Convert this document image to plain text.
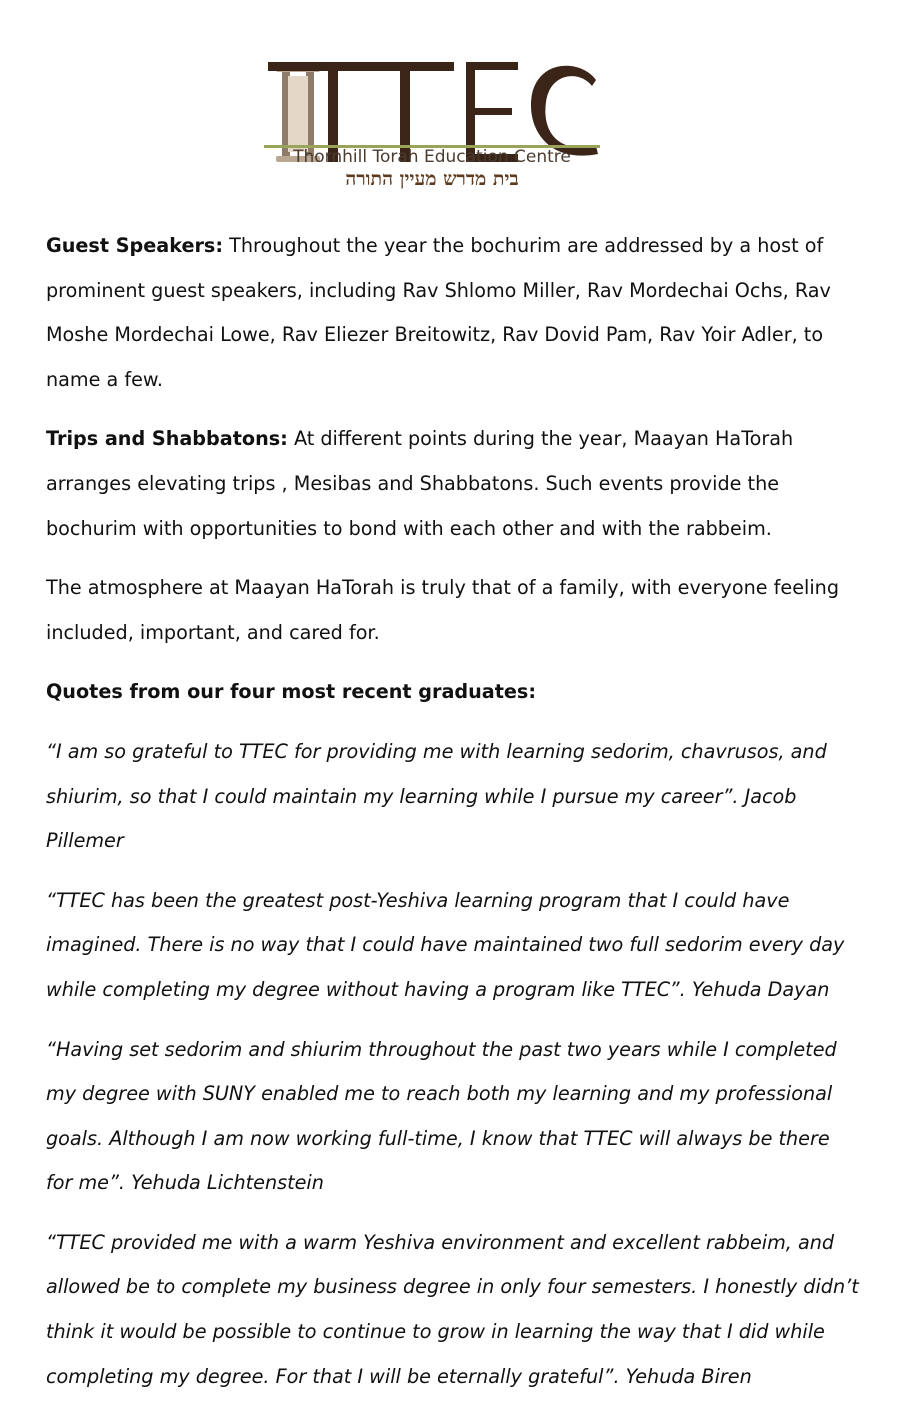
Thornhill Torah Education Centre
בית מדרש מעיין התורה

Guest Speakers: Throughout the year the bochurim are addressed by a host of prominent guest speakers, including Rav Shlomo Miller, Rav Mordechai Ochs, Rav Moshe Mordechai Lowe, Rav Eliezer Breitowitz, Rav Dovid Pam, Rav Yoir Adler, to name a few.

Trips and Shabbatons: At different points during the year, Maayan HaTorah arranges elevating trips , Mesibas and Shabbatons. Such events provide the bochurim with opportunities to bond with each other and with the rabbeim.

The atmosphere at Maayan HaTorah is truly that of a family, with everyone feeling included, important, and cared for.

Quotes from our four most recent graduates:

“I am so grateful to TTEC for providing me with learning sedorim, chavrusos, and shiurim, so that I could maintain my learning while I pursue my career”. Jacob Pillemer

“TTEC has been the greatest post-Yeshiva learning program that I could have imagined. There is no way that I could have maintained two full sedorim every day while completing my degree without having a program like TTEC”. Yehuda Dayan

“Having set sedorim and shiurim throughout the past two years while I completed my degree with SUNY enabled me to reach both my learning and my professional goals. Although I am now working full-time, I know that TTEC will always be there for me”. Yehuda Lichtenstein

“TTEC provided me with a warm Yeshiva environment and excellent rabbeim, and allowed be to complete my business degree in only four semesters. I honestly didn’t think it would be possible to continue to grow in learning the way that I did while completing my degree. For that I will be eternally grateful”. Yehuda Biren
